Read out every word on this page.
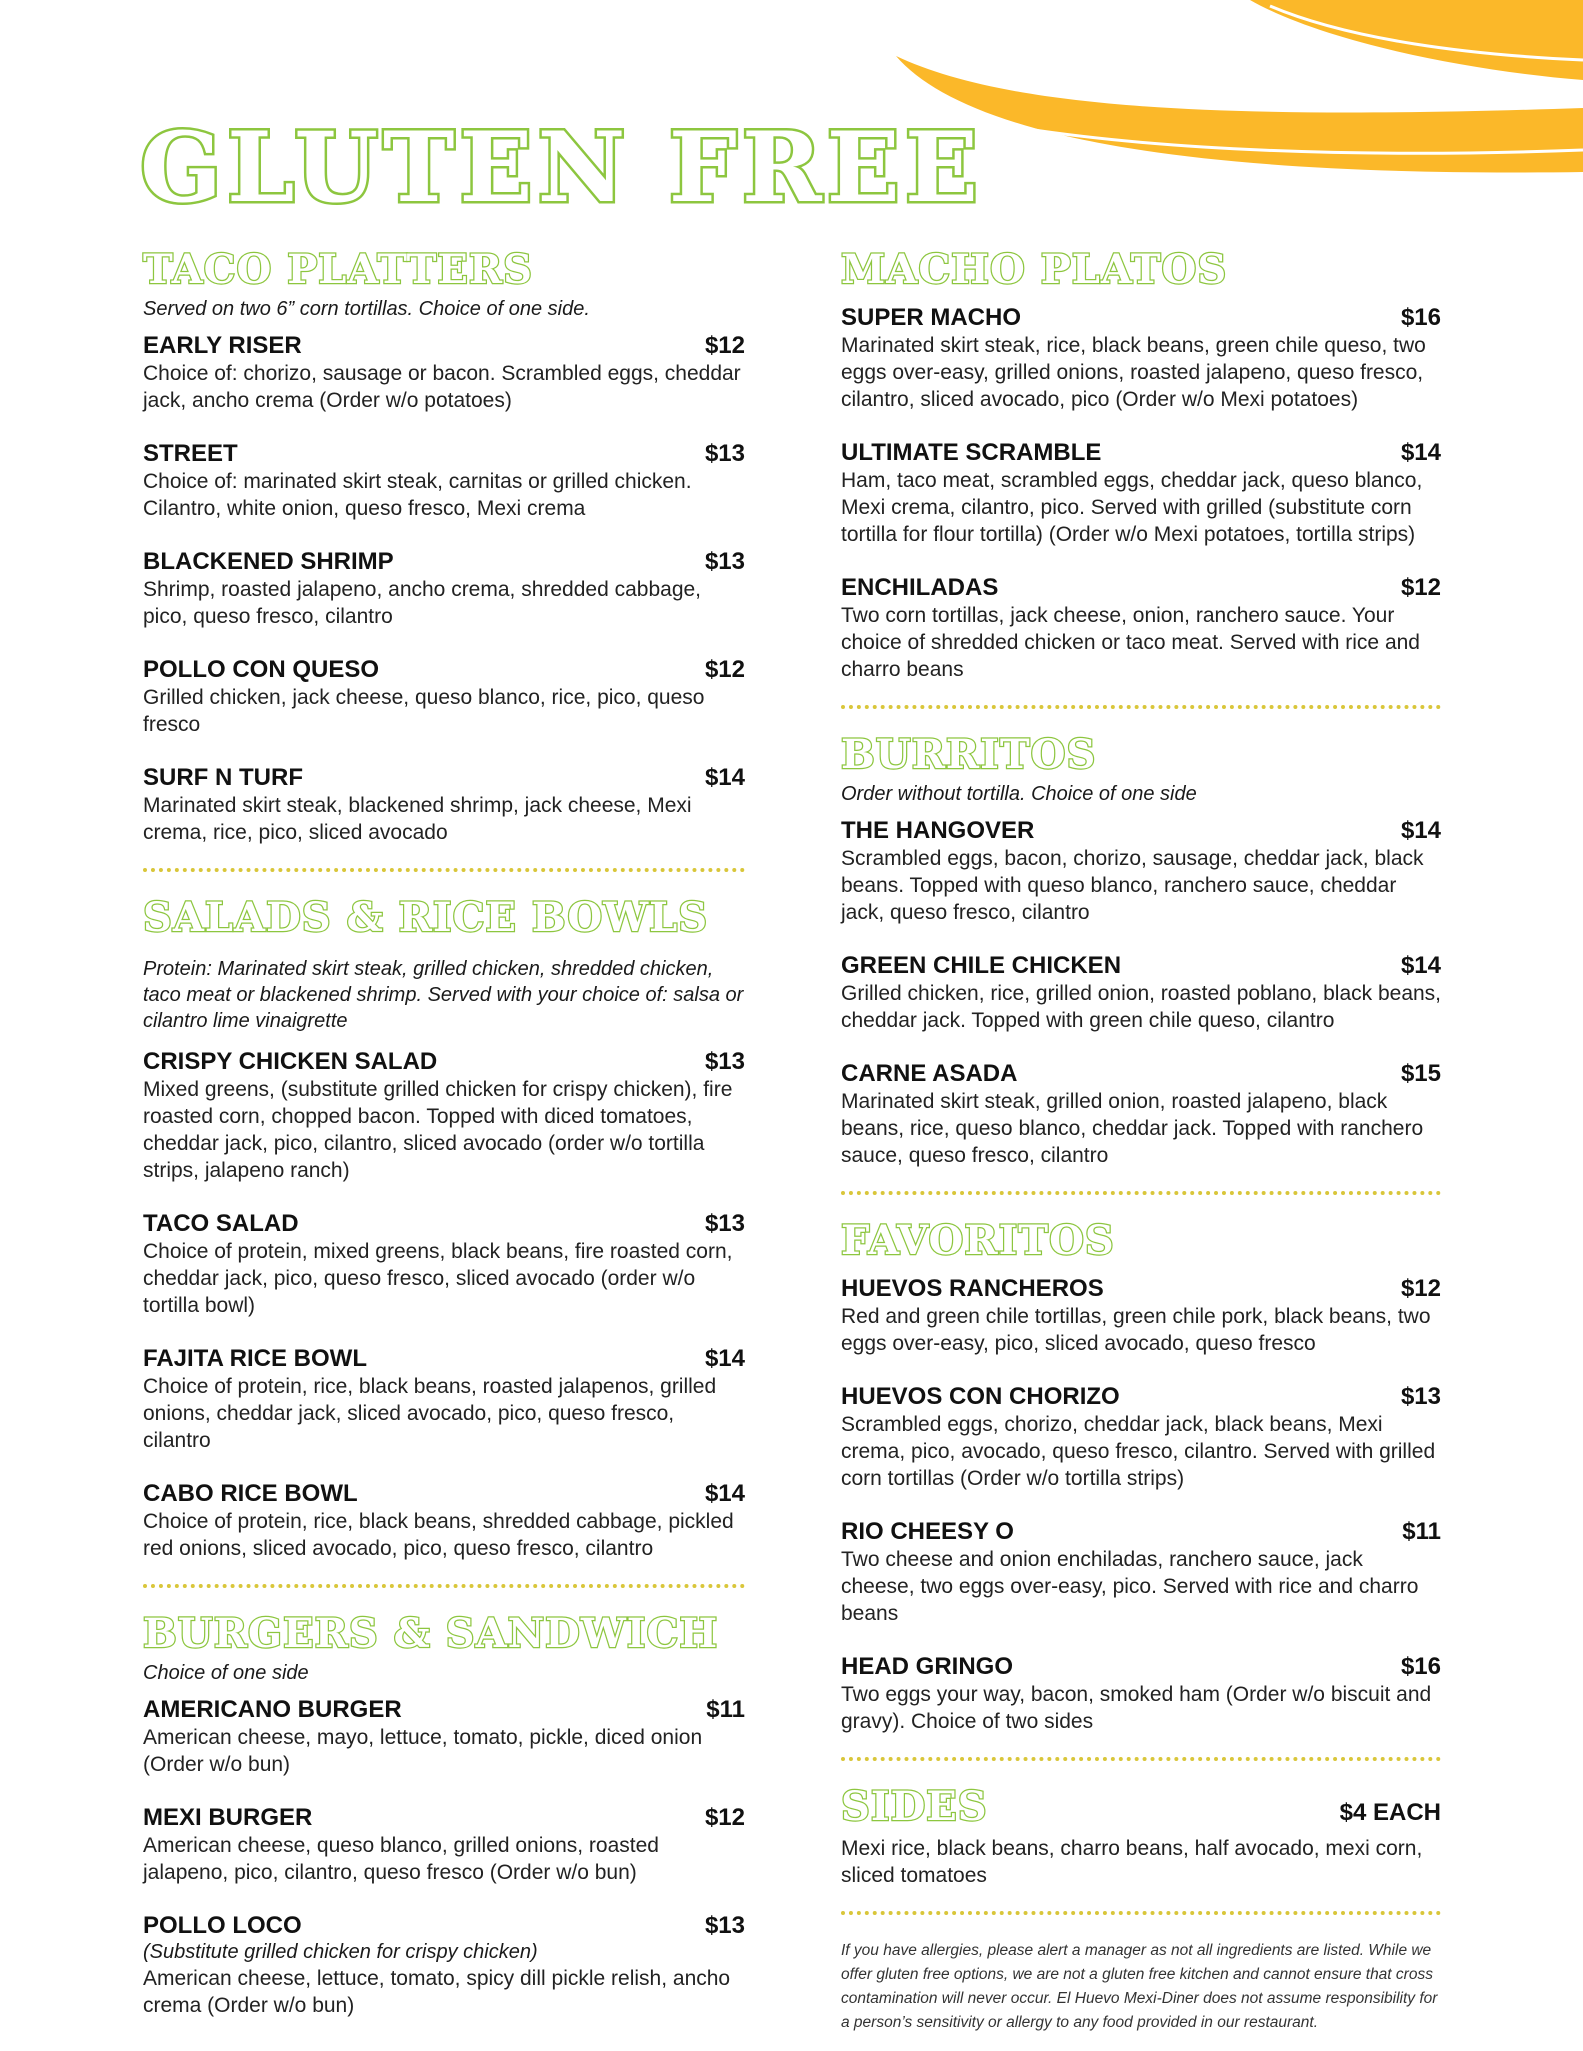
GLUTEN FREE
TACO PLATTERS

Served on two 6” corn tortillas. Choice of one side.

EARLY RISER	$12
Choice of: chorizo, sausage or bacon. Scrambled eggs, cheddar jack, ancho crema (Order w/o potatoes)
STREET	$13
Choice of: marinated skirt steak, carnitas or grilled chicken. Cilantro, white onion, queso fresco, Mexi crema
BLACKENED SHRIMP	$13
Shrimp, roasted jalapeno, ancho crema, shredded cabbage, pico, queso fresco, cilantro
POLLO CON QUESO	$12
Grilled chicken, jack cheese, queso blanco, rice, pico, queso fresco
SURF N TURF	$14
Marinated skirt steak, blackened shrimp, jack cheese, Mexi crema, rice, pico, sliced avocado
SALADS & RICE BOWLS

Protein: Marinated skirt steak, grilled chicken, shredded chicken, taco meat or blackened shrimp. Served with your choice of: salsa or cilantro lime vinaigrette

CRISPY CHICKEN SALAD	$13
Mixed greens, (substitute grilled chicken for crispy chicken), fire roasted corn, chopped bacon. Topped with diced tomatoes, cheddar jack, pico, cilantro, sliced avocado (order w/o tortilla strips, jalapeno ranch)
TACO SALAD	$13
Choice of protein, mixed greens, black beans, fire roasted corn, cheddar jack, pico, queso fresco, sliced avocado (order w/o tortilla bowl)
FAJITA RICE BOWL	$14
Choice of protein, rice, black beans, roasted jalapenos, grilled onions, cheddar jack, sliced avocado, pico, queso fresco, cilantro
CABO RICE BOWL	$14
Choice of protein, rice, black beans, shredded cabbage, pickled red onions, sliced avocado, pico, queso fresco, cilantro
BURGERS & SANDWICH

Choice of one side

AMERICANO BURGER	$11
American cheese, mayo, lettuce, tomato, pickle, diced onion (Order w/o bun)
MEXI BURGER	$12
American cheese, queso blanco, grilled onions, roasted jalapeno, pico, cilantro, queso fresco (Order w/o bun)
POLLO LOCO	$13
(Substitute grilled chicken for crispy chicken)
American cheese, lettuce, tomato, spicy dill pickle relish, ancho crema (Order w/o bun)
MACHO PLATOS
SUPER MACHO	$16
Marinated skirt steak, rice, black beans, green chile queso, two eggs over-easy, grilled onions, roasted jalapeno, queso fresco, cilantro, sliced avocado, pico (Order w/o Mexi potatoes)
ULTIMATE SCRAMBLE	$14
Ham, taco meat, scrambled eggs, cheddar jack, queso blanco, Mexi crema, cilantro, pico. Served with grilled (substitute corn tortilla for flour tortilla) (Order w/o Mexi potatoes, tortilla strips)
ENCHILADAS	$12
Two corn tortillas, jack cheese, onion, ranchero sauce. Your choice of shredded chicken or taco meat. Served with rice and charro beans
BURRITOS

Order without tortilla. Choice of one side

THE HANGOVER	$14
Scrambled eggs, bacon, chorizo, sausage, cheddar jack, black beans. Topped with queso blanco, ranchero sauce, cheddar jack, queso fresco, cilantro
GREEN CHILE CHICKEN	$14
Grilled chicken, rice, grilled onion, roasted poblano, black beans, cheddar jack. Topped with green chile queso, cilantro
CARNE ASADA	$15
Marinated skirt steak, grilled onion, roasted jalapeno, black beans, rice, queso blanco, cheddar jack. Topped with ranchero sauce, queso fresco, cilantro
FAVORITOS
HUEVOS RANCHEROS	$12
Red and green chile tortillas, green chile pork, black beans, two eggs over-easy, pico, sliced avocado, queso fresco
HUEVOS CON CHORIZO	$13
Scrambled eggs, chorizo, cheddar jack, black beans, Mexi crema, pico, avocado, queso fresco, cilantro. Served with grilled corn tortillas (Order w/o tortilla strips)
RIO CHEESY O	$11
Two cheese and onion enchiladas, ranchero sauce, jack cheese, two eggs over-easy, pico. Served with rice and charro beans
HEAD GRINGO	$16
Two eggs your way, bacon, smoked ham (Order w/o biscuit and gravy). Choice of two sides
SIDES	$4 EACH
Mexi rice, black beans, charro beans, half avocado, mexi corn, sliced tomatoes

If you have allergies, please alert a manager as not all ingredients are listed. While we offer gluten free options, we are not a gluten free kitchen and cannot ensure that cross contamination will never occur. El Huevo Mexi-Diner does not assume responsibility for a person’s sensitivity or allergy to any food provided in our restaurant.
